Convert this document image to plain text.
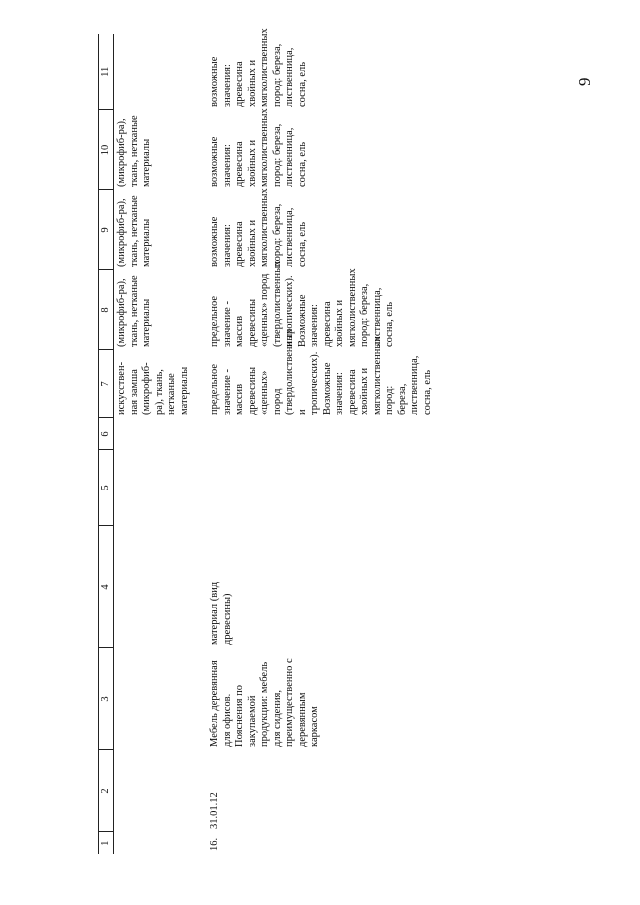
9
1	2	3	4	5	6	7	8	9	10	11
						искусствен-ная замша (микрофиб-ра), ткань, нетканые материалы	(микрофиб-ра), ткань, нетканые материалы	(микрофиб-ра), ткань, нетканые материалы	(микрофиб-ра), ткань, нетканые материалы	

16.	31.01.12	Мебель деревянная для офисов. Пояснения по закупаемой продукции: мебель для сидения, преимущественно с деревянным каркасом	материал (вид древесины)			предельное значение - массив древесины «ценных» пород (твердолиственных и тропических). Возможные значения: древесина хвойных и мягколиственных пород: береза, лиственница, сосна, ель	предельное значение - массив древесины «ценных» пород (твердолиственных и тропических). Возможные значения: древесина хвойных и мягколиственных пород: береза, лиственница, сосна, ель	возможные значения: древесина хвойных и мягколиственных пород: береза, лиственница, сосна, ель	возможные значения: древесина хвойных и мягколиственных пород: береза, лиственница, сосна, ель	возможные значения: древесина хвойных и мягколиственных пород: береза, лиственница, сосна, ель
